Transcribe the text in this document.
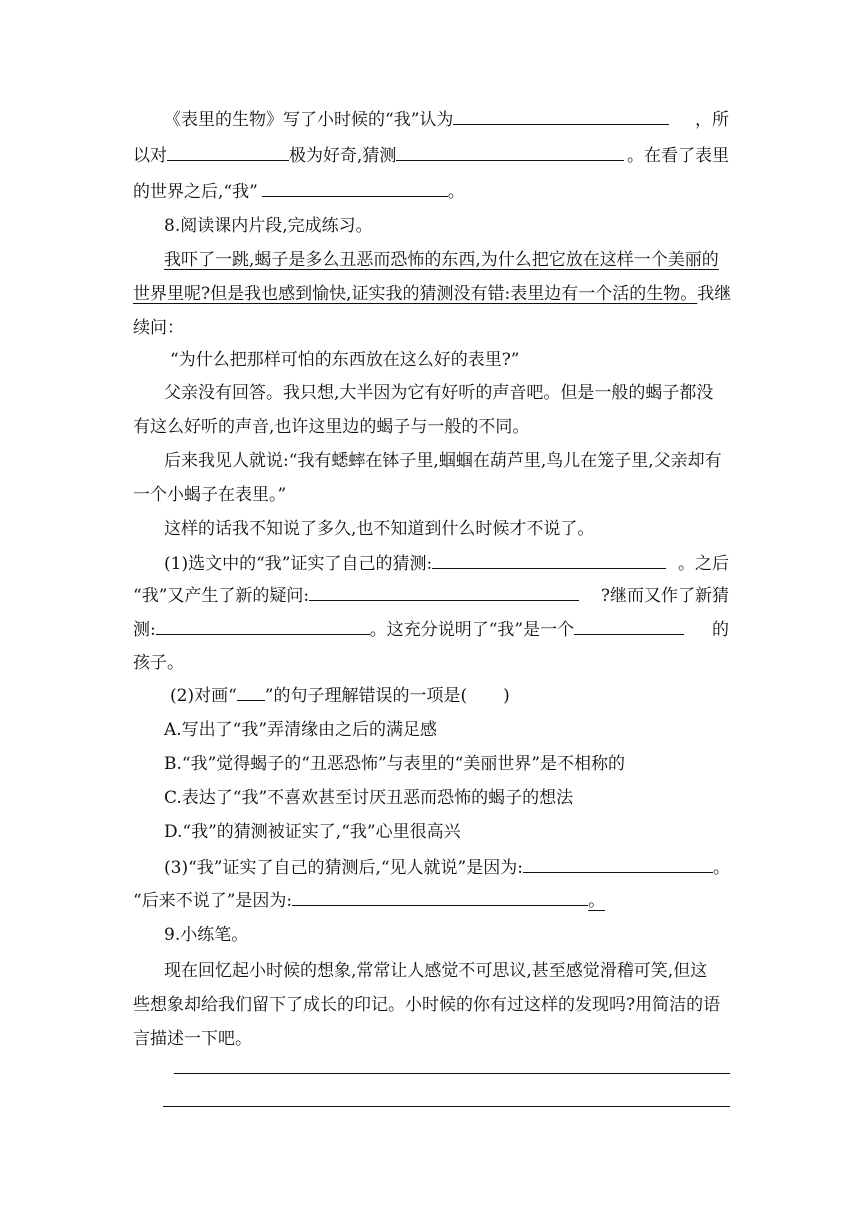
《表里的生物》写了小时候的“我”认为	，所
以对	极为好奇,猜测	。在看了表里
的世界之后,“我”	。
8.阅读课内片段,完成练习。
我吓了一跳,蝎子是多么丑恶而恐怖的东西,为什么把它放在这样一个美丽的
世界里呢?但是我也感到愉快,证实我的猜测没有错:表里边有一个活的生物。我继
续问：
“为什么把那样可怕的东西放在这么好的表里?”
父亲没有回答。我只想,大半因为它有好听的声音吧。但是一般的蝎子都没
有这么好听的声音,也许这里边的蝎子与一般的不同。
后来我见人就说:“我有蟋蟀在钵子里,蝈蝈在葫芦里,鸟儿在笼子里,父亲却有
一个小蝎子在表里。”
这样的话我不知说了多久,也不知道到什么时候才不说了。
(1)选文中的“我”证实了自己的猜测:	。之后
“我”又产生了新的疑问:	?继而又作了新猜
测:	。这充分说明了“我”是一个	的
孩子。
(2)对画“ ”的句子理解错误的一项是( )
A.写出了“我”弄清缘由之后的满足感
B.“我”觉得蝎子的“丑恶恐怖”与表里的“美丽世界”是不相称的
C.表达了“我”不喜欢甚至讨厌丑恶而恐怖的蝎子的想法
D.“我”的猜测被证实了,“我”心里很高兴
(3)“我”证实了自己的猜测后,“见人就说”是因为:	。
“后来不说了”是因为:	。
9.小练笔。
现在回忆起小时候的想象,常常让人感觉不可思议,甚至感觉滑稽可笑,但这
些想象却给我们留下了成长的印记。小时候的你有过这样的发现吗?用简洁的语
言描述一下吧。
